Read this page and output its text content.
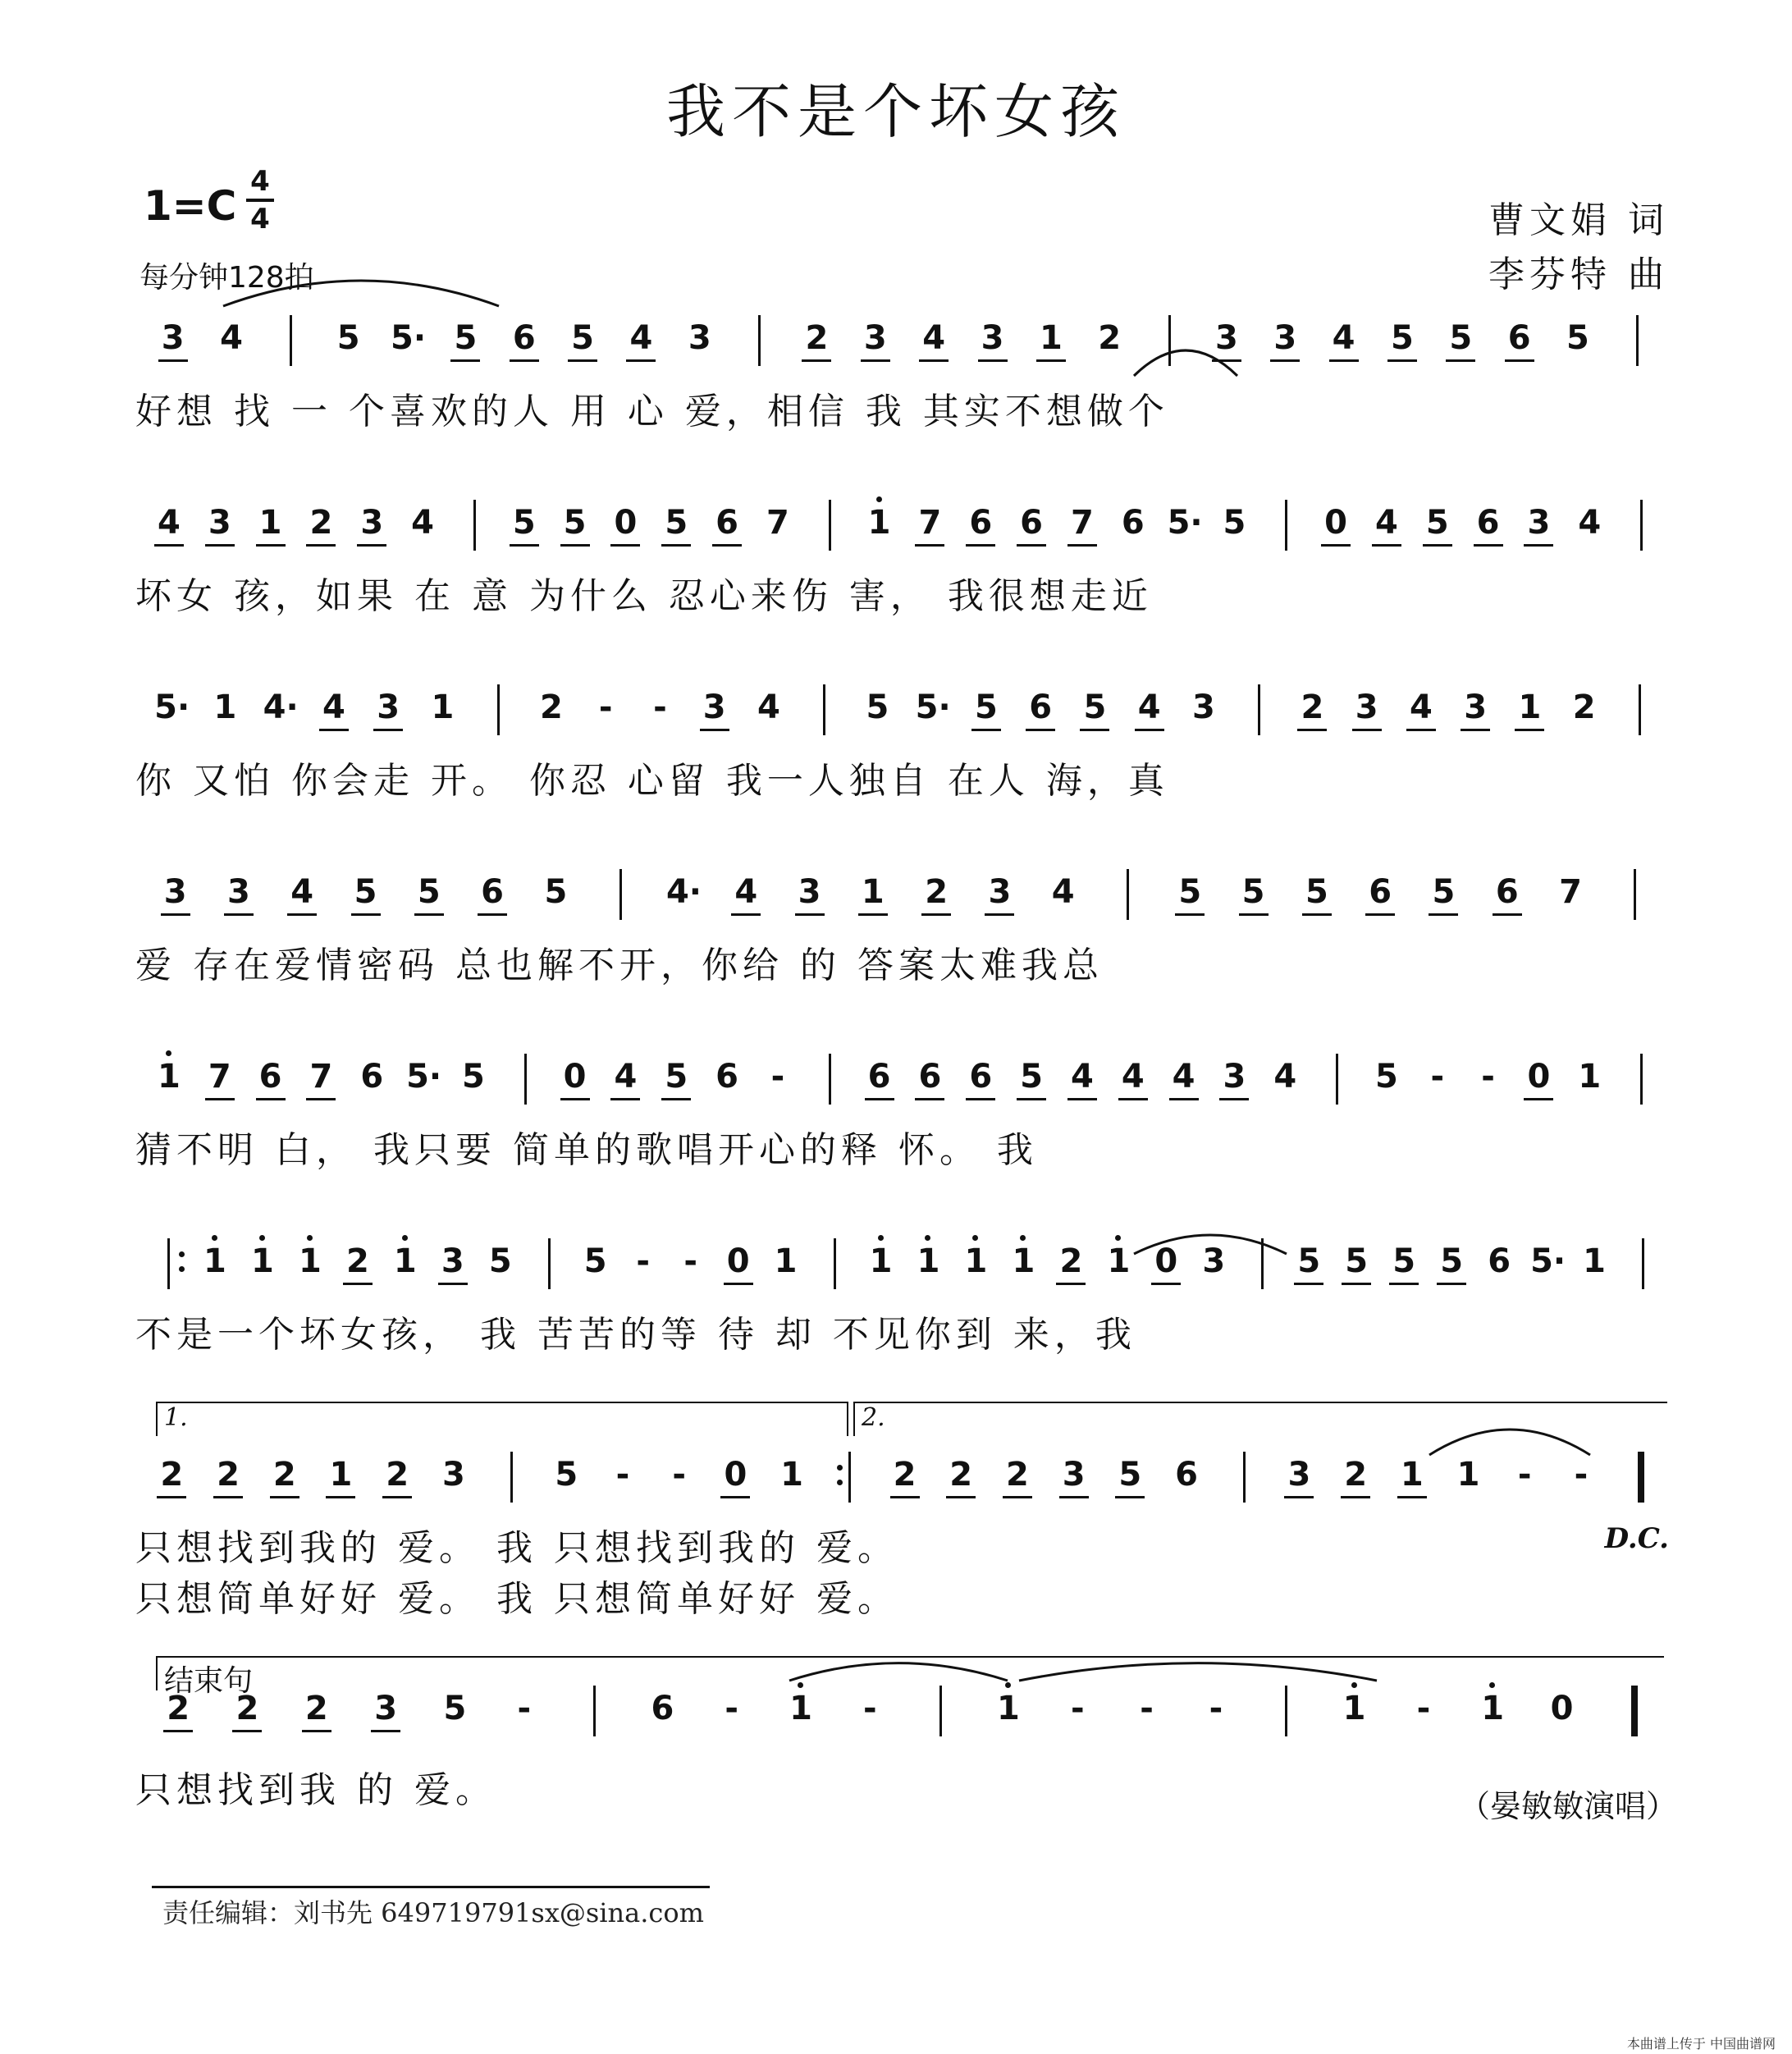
我不是个坏女孩
1=C
4
4
每分钟128拍
曹文娟 词
李芬特 曲
3 4	5 5· 5 6 5 4 3	2 3 4 3 1 2	3 3 4 5 5 6 5
好想 找 一 个喜欢的人 用 心 爱，相信 我 其实不想做个
4 3 1 2 3 4 5 5 0 5 6 7 1 7 6 6 7 6 5· 5 0 4 5 6 3 4
坏女 孩，如果 在 意 为什么 忍心来伤 害， 我很想走近
5· 1 4· 4 3 1	2 - - 3 4	5 5· 5 6 5 4 3	2 3 4 3 1 2
你 又怕 你会走 开。 你忍 心留 我一人独自 在人 海，真
3 3 4 5 5 6 5	4· 4 3 1 2 3 4	5 5 5 6 5 6 7
爱 存在爱情密码 总也解不开，你给 的 答案太难我总
1 7 6 7 6 5· 5 0 4 5 6 -	6 6 6 5 4 4 4 3 4 5 - - 0 1
猜不明 白， 我只要 简单的歌唱开心的释 怀。 我
1 1 1 2 1 3 5 5 - - 0 1 1 1 1 1 2 1 0 3 5 5 5 5 6 5· 1
不是一个坏女孩， 我 苦苦的等 待 却 不见你到 来，我
2 2 2 1 2 3	5 - - 0 1	2 2 2 3 5 6	3 2 1 1 - -
只想找到我的 爱。 我 只想找到我的 爱。
只想简单好好 爱。 我 只想简单好好 爱。
2 2 2 3 5 -	6 - 1 -	1 - - -	1 - 1 0
只想找到我 的 爱。
1.	2.
结束句
（晏敏敏演唱）
D.C.
责任编辑：刘书先 649719791sx@sina.com
本曲谱上传于 中国曲谱网
